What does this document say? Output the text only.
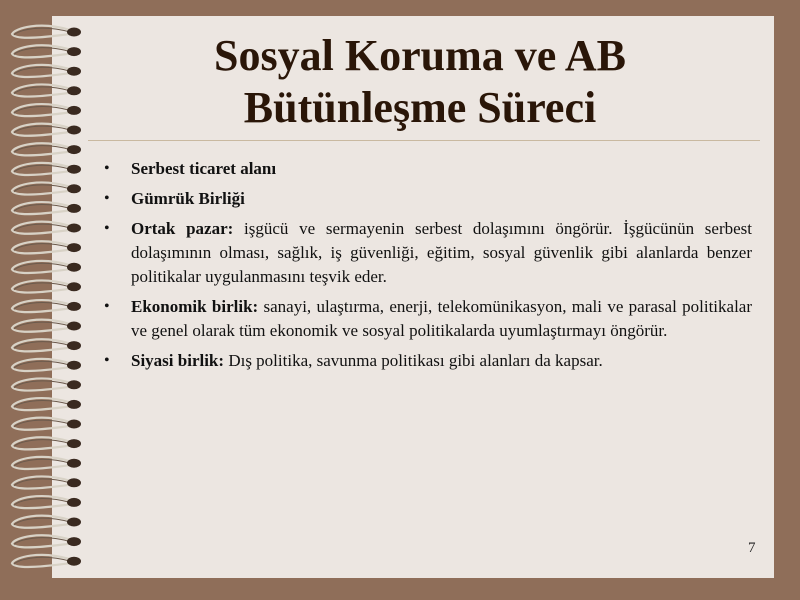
Sosyal Koruma ve AB
Bütünleşme Süreci
• Serbest ticaret alanı
• Gümrük Birliği
• Ortak pazar: işgücü ve sermayenin serbest dolaşımını öngörür. İşgücünün serbest dolaşımının olması, sağlık, iş güvenliği, eğitim, sosyal güvenlik gibi alanlarda benzer politikalar uygulanmasını teşvik eder.
• Ekonomik birlik: sanayi, ulaştırma, enerji, telekomünikasyon, mali ve parasal politikalar ve genel olarak tüm ekonomik ve sosyal politikalarda uyumlaştırmayı öngörür.
• Siyasi birlik: Dış politika, savunma politikası gibi alanları da kapsar.
7
